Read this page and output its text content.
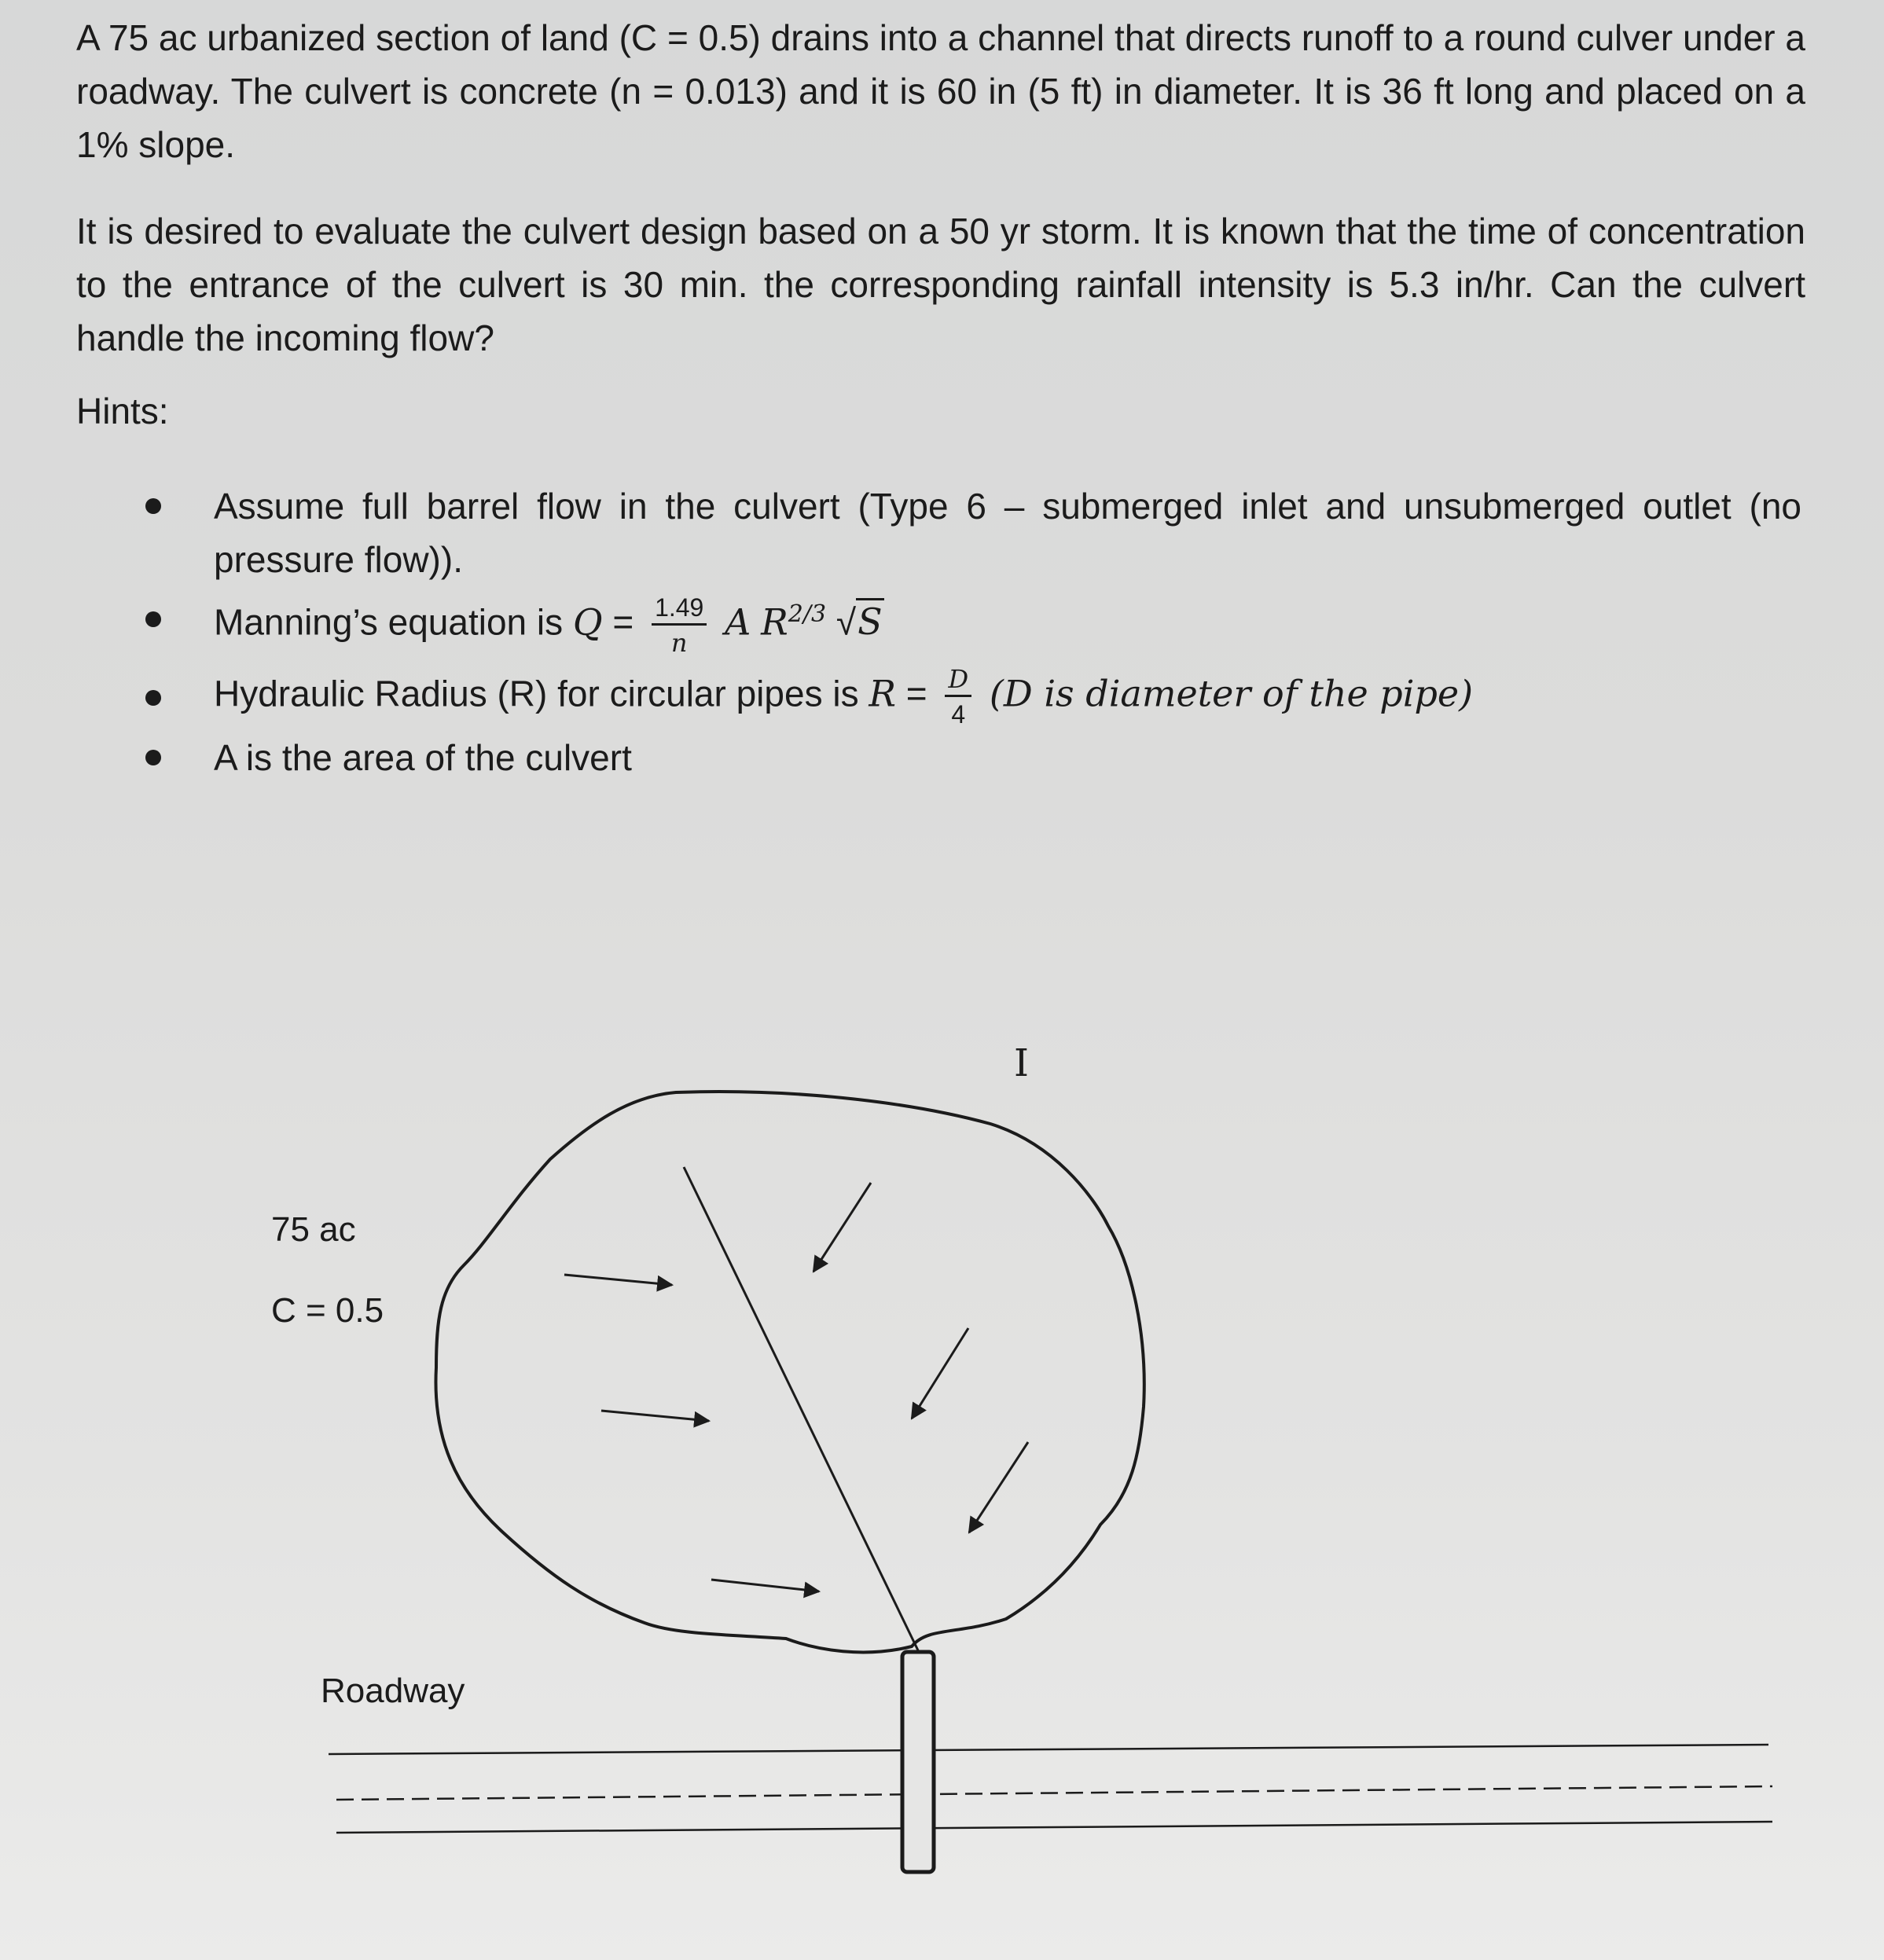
A 75 ac urbanized section of land (C = 0.5) drains into a channel that directs runoff to a round culver under a roadway. The culvert is concrete (n = 0.013) and it is 60 in (5 ft) in diameter. It is 36 ft long and placed on a 1% slope.
It is desired to evaluate the culvert design based on a 50 yr storm. It is known that the time of concentration to the entrance of the culvert is 30 min. the corresponding rainfall intensity is 5.3 in/hr. Can the culvert handle the incoming flow?
Hints:
Assume full barrel flow in the culvert (Type 6 – submerged inlet and unsubmerged outlet (no pressure flow)).
Manning’s equation is $Q = \frac{1.49}{n}$ A $R^{2/3}$ √S
Hydraulic Radius (R) for circular pipes is $R = \frac{D}{4} (D$ is diameter of the pipe)
A is the area of the culvert
75 ac
C = 0.5
Roadway
I
